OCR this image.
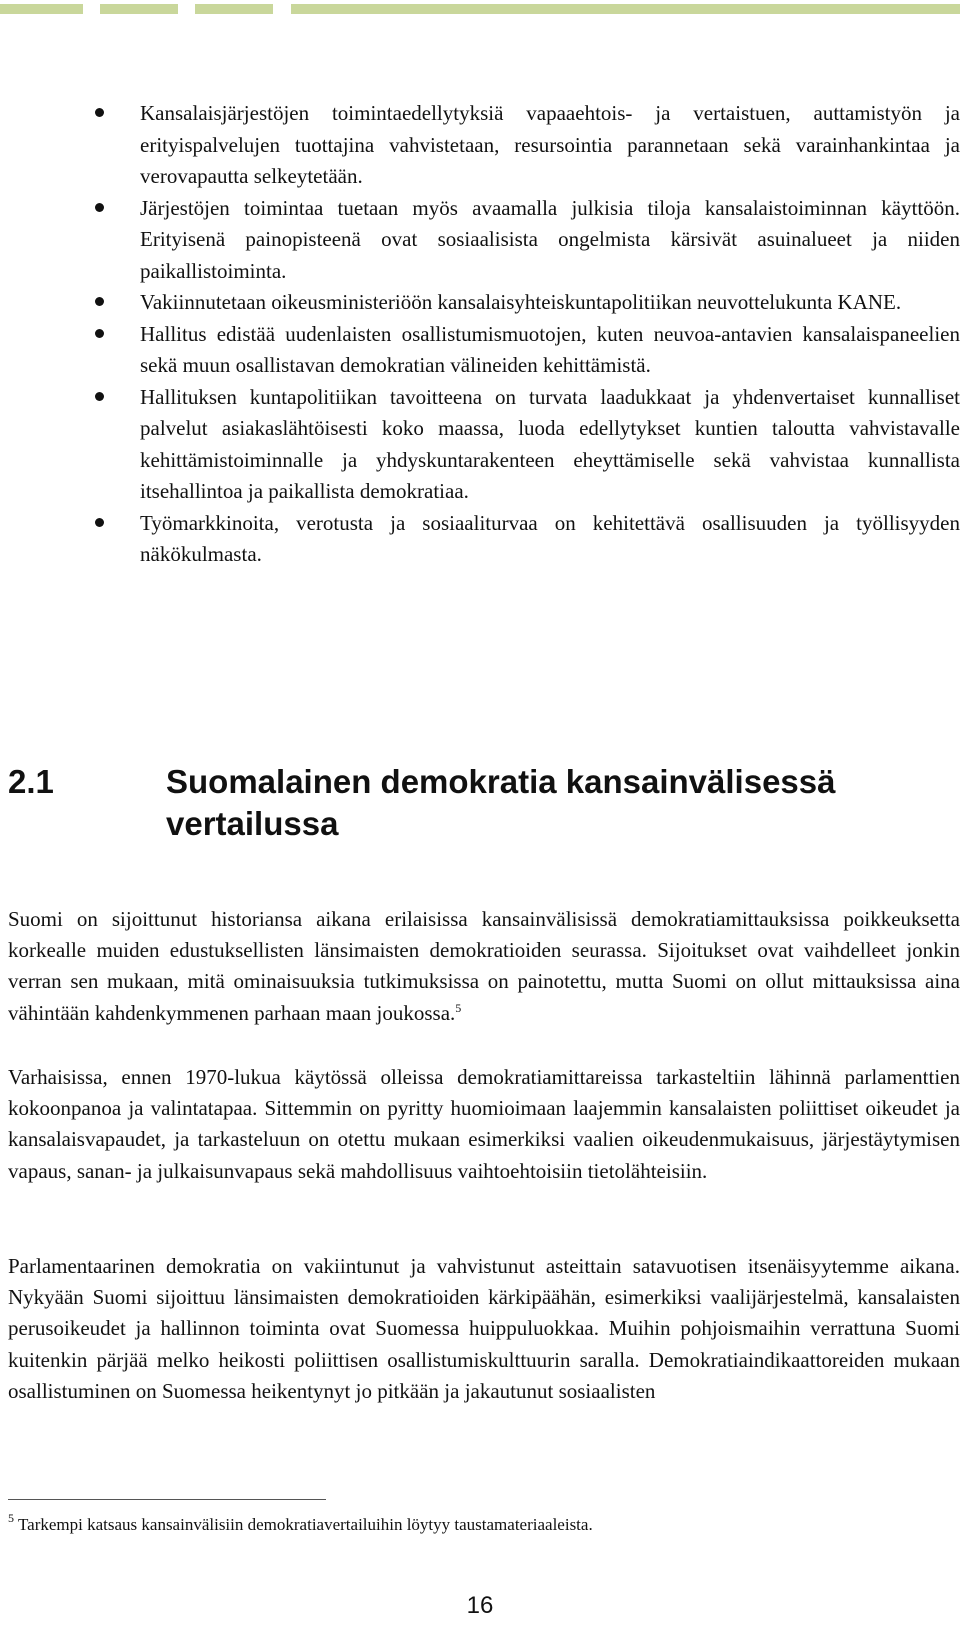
Kansalaisjärjestöjen toimintaedellytyksiä vapaaehtois- ja vertaistuen, auttamistyön ja erityispalvelujen tuottajina vahvistetaan, resursointia parannetaan sekä varainhankintaa ja verovapautta selkeytetään.
Järjestöjen toimintaa tuetaan myös avaamalla julkisia tiloja kansalaistoiminnan käyttöön. Erityisenä painopisteenä ovat sosiaalisista ongelmista kärsivät asuinalueet ja niiden paikallistoiminta.
Vakiinnutetaan oikeusministeriöön kansalaisyhteiskuntapolitiikan neuvottelukunta KANE.
Hallitus edistää uudenlaisten osallistumismuotojen, kuten neuvoa-antavien kansalaispaneelien sekä muun osallistavan demokratian välineiden kehittämistä.
Hallituksen kuntapolitiikan tavoitteena on turvata laadukkaat ja yhdenvertaiset kunnalliset palvelut asiakaslähtöisesti koko maassa, luoda edellytykset kuntien taloutta vahvistavalle kehittämistoiminnalle ja yhdyskuntarakenteen eheyttämiselle sekä vahvistaa kunnallista itsehallintoa ja paikallista demokratiaa.
Työmarkkinoita, verotusta ja sosiaaliturvaa on kehitettävä osallisuuden ja työllisyyden näkökulmasta.
2.1	Suomalainen demokratia kansainvälisessä
vertailussa

Suomi on sijoittunut historiansa aikana erilaisissa kansainvälisissä demokratiamittauksissa poikkeuksetta korkealle muiden edustuksellisten länsimaisten demokratioiden seurassa. Sijoitukset ovat vaihdelleet jonkin verran sen mukaan, mitä ominaisuuksia tutkimuksissa on painotettu, mutta Suomi on ollut mittauksissa aina vähintään kahdenkymmenen parhaan maan joukossa.$^5$

Varhaisissa, ennen 1970-lukua käytössä olleissa demokratiamittareissa tarkasteltiin lähinnä parlamenttien kokoonpanoa ja valintatapaa. Sittemmin on pyritty huomioimaan laajemmin kansalaisten poliittiset oikeudet ja kansalaisvapaudet, ja tarkasteluun on otettu mukaan esimerkiksi vaalien oikeudenmukaisuus, järjestäytymisen vapaus, sanan- ja julkaisunvapaus sekä mahdollisuus vaihtoehtoisiin tietolähteisiin.

Parlamentaarinen demokratia on vakiintunut ja vahvistunut asteittain satavuotisen itsenäisyytemme aikana. Nykyään Suomi sijoittuu länsimaisten demokratioiden kärkipäähän, esimerkiksi vaalijärjestelmä, kansalaisten perusoikeudet ja hallinnon toiminta ovat Suomessa huippuluokkaa. Muihin pohjoismaihin verrattuna Suomi kuitenkin pärjää melko heikosti poliittisen osallistumiskulttuurin saralla. Demokratiaindikaattoreiden mukaan osallistuminen on Suomessa heikentynyt jo pitkään ja jakautunut sosiaalisten

$^5$ Tarkempi katsaus kansainvälisiin demokratiavertailuihin löytyy taustamateriaaleista.
16
